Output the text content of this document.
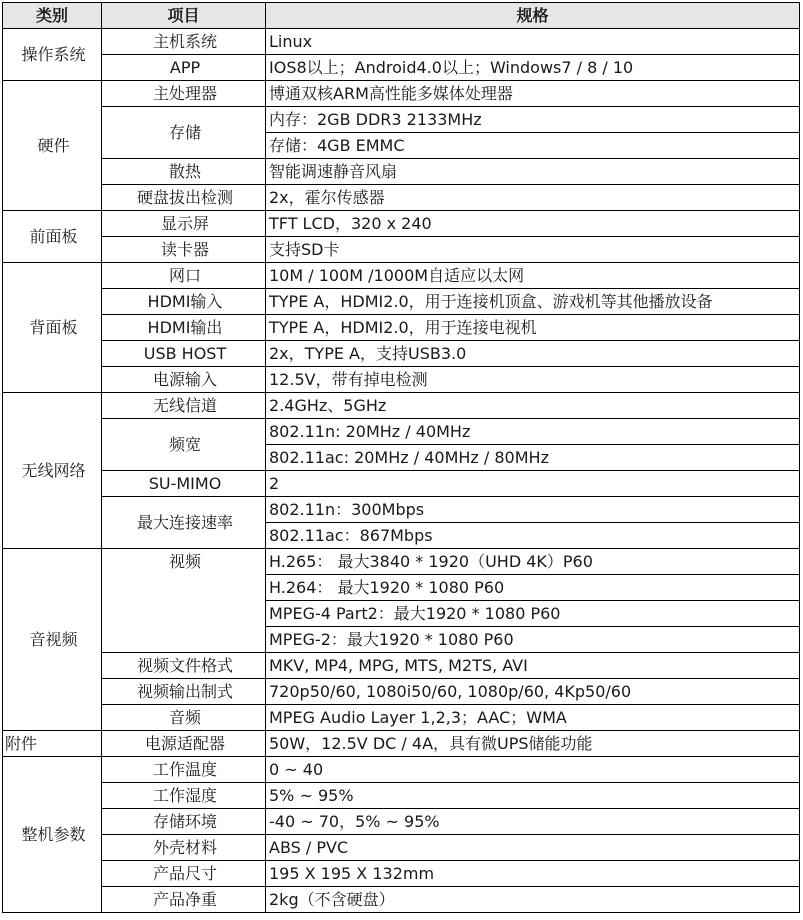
类别	项目	规格
操作系统	主机系统	Linux
	APP	IOS8以上；Android4.0以上；Windows7 / 8 / 10
硬件	主处理器	博通双核ARM高性能多媒体处理器
	存储	内存：2GB DDR3 2133MHz
		存储：4GB EMMC
	散热	智能调速静音风扇
	硬盘拔出检测	2x，霍尔传感器
前面板	显示屏	TFT LCD，320 x 240
	读卡器	支持SD卡
背面板	网口	10M / 100M /1000M自适应以太网
	HDMI输入	TYPE A，HDMI2.0，用于连接机顶盒、游戏机等其他播放设备
	HDMI输出	TYPE A，HDMI2.0，用于连接电视机
	USB HOST	2x，TYPE A，支持USB3.0
	电源输入	12.5V，带有掉电检测
无线网络	无线信道	2.4GHz、5GHz
	频宽	802.11n: 20MHz / 40MHz
		802.11ac: 20MHz / 40MHz / 80MHz
	SU-MIMO	2
	最大连接速率	802.11n：300Mbps
		802.11ac：867Mbps
音视频	视频	H.265： 最大3840 * 1920（UHD 4K）P60
		H.264： 最大1920 * 1080 P60
		MPEG-4 Part2：最大1920 * 1080 P60
		MPEG-2：最大1920 * 1080 P60
	视频文件格式	MKV, MP4, MPG, MTS, M2TS, AVI
	视频输出制式	720p50/60, 1080i50/60, 1080p/60, 4Kp50/60
	音频	MPEG Audio Layer 1,2,3；AAC；WMA
附件	电源适配器	50W，12.5V DC / 4A，具有微UPS储能功能
整机参数	工作温度	0 ~ 40
	工作湿度	5% ~ 95%
	存储环境	-40 ~ 70，5% ~ 95%
	外壳材料	ABS / PVC
	产品尺寸	195 X 195 X 132mm
	产品净重	2kg（不含硬盘）
